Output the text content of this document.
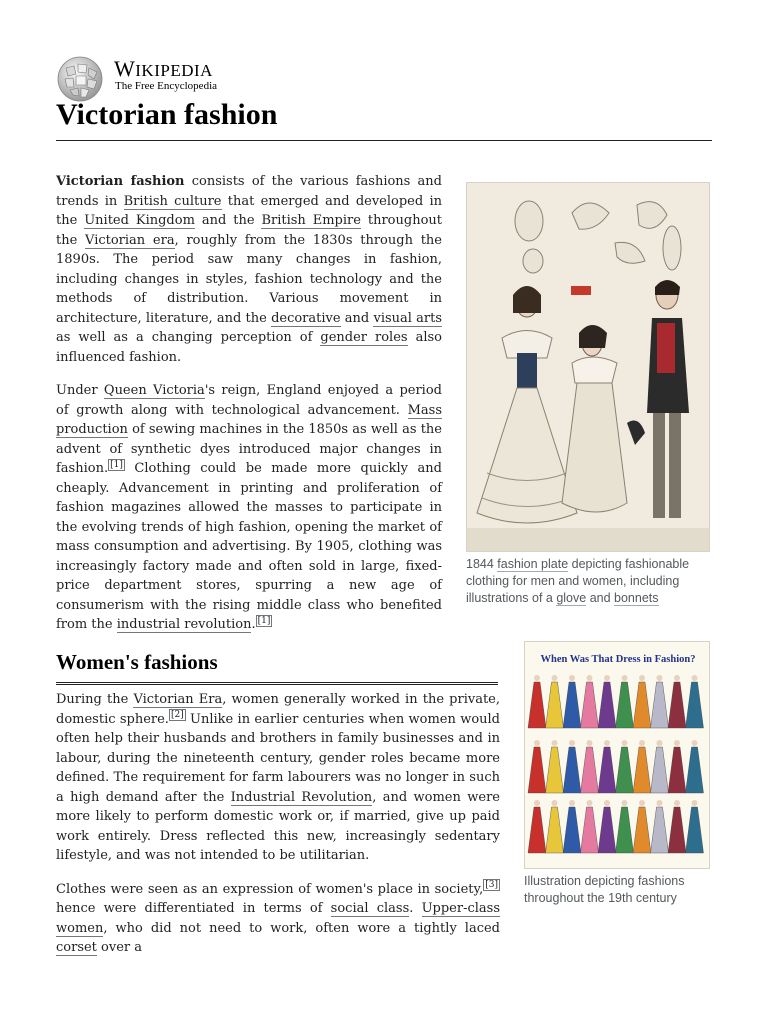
WIKIPEDIA
The Free Encyclopedia
Victorian fashion

Victorian fashion consists of the various fashions and trends in British culture that emerged and developed in the United Kingdom and the British Empire throughout the Victorian era, roughly from the 1830s through the 1890s. The period saw many changes in fashion, including changes in styles, fashion technology and the methods of distribution. Various movement in architecture, literature, and the decorative and visual arts as well as a changing perception of gender roles also influenced fashion.

Under Queen Victoria's reign, England enjoyed a period of growth along with technological advancement. Mass production of sewing machines in the 1850s as well as the advent of synthetic dyes introduced major changes in fashion. [1] Clothing could be made more quickly and cheaply. Advancement in printing and proliferation of fashion magazines allowed the masses to participate in the evolving trends of high fashion, opening the market of mass consumption and advertising. By 1905, clothing was increasingly factory made and often sold in large, fixed-price department stores, spurring a new age of consumerism with the rising middle class who benefited from the industrial revolution. [1]

1844 fashion plate depicting fashionable clothing for men and women, including illustrations of a glove and bonnets
Women's fashions

During the Victorian Era, women generally worked in the private, domestic sphere. [2] Unlike in earlier centuries when women would often help their husbands and brothers in family businesses and in labour, during the nineteenth century, gender roles became more defined. The requirement for farm labourers was no longer in such a high demand after the Industrial Revolution, and women were more likely to perform domestic work or, if married, give up paid work entirely. Dress reflected this new, increasingly sedentary lifestyle, and was not intended to be utilitarian.

Clothes were seen as an expression of women's place in society, [3] hence were differentiated in terms of social class. Upper-class women, who did not need to work, often wore a tightly laced corset over a

When Was That Dress in Fashion?
Illustration depicting fashions throughout the 19th century
